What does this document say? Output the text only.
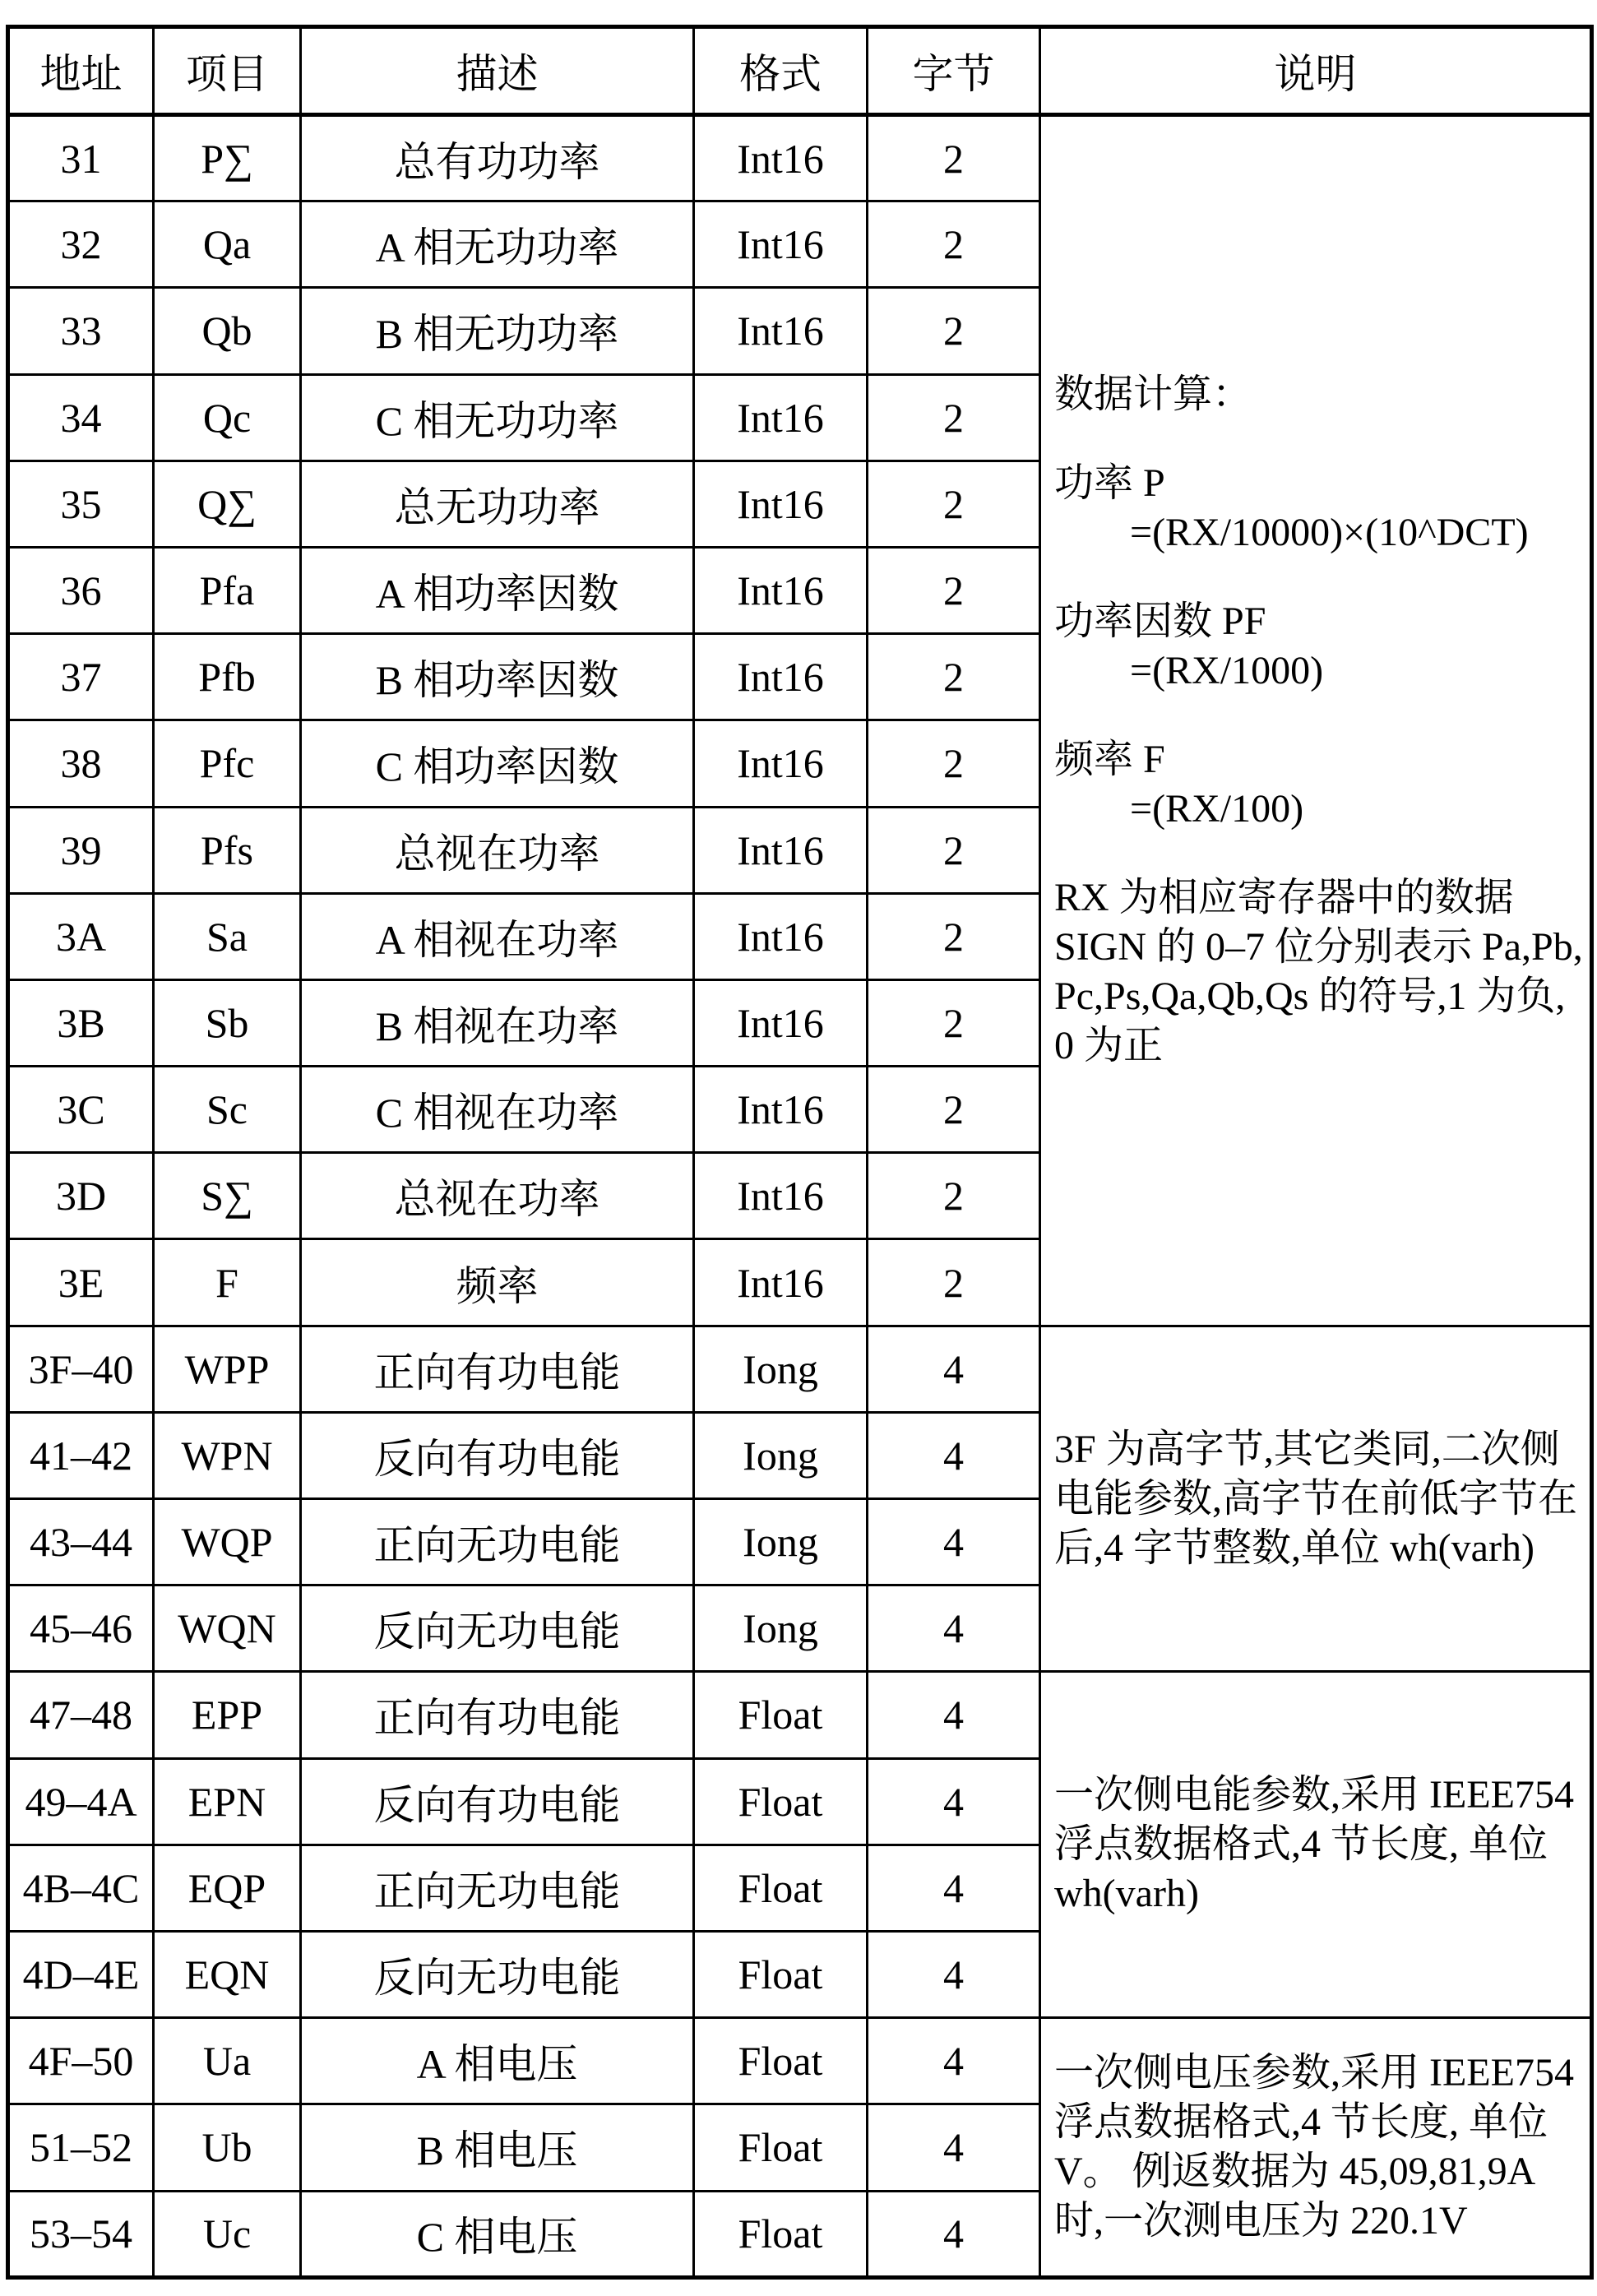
地址	项目	描述	格式	字节	说明
31	P∑	总有功功率	Int16	2	
数据计算：
功率 P
=(RX/10000)×(10^DCT)
功率因数 PF
=(RX/1000)
频率 F
=(RX/100)
RX 为相应寄存器中的数据
SIGN 的 0–7 位分别表示 Pa,Pb,
Pc,Ps,Qa,Qb,Qs 的符号,1 为负,
0 为正

32	Qa	A 相无功功率	Int16	2	
33	Qb	B 相无功功率	Int16	2	
34	Qc	C 相无功功率	Int16	2	
35	Q∑	总无功功率	Int16	2	
36	Pfa	A 相功率因数	Int16	2	
37	Pfb	B 相功率因数	Int16	2	
38	Pfc	C 相功率因数	Int16	2	
39	Pfs	总视在功率	Int16	2	
3A	Sa	A 相视在功率	Int16	2	
3B	Sb	B 相视在功率	Int16	2	
3C	Sc	C 相视在功率	Int16	2	
3D	S∑	总视在功率	Int16	2	
3E	F	频率	Int16	2	
3F–40	WPP	正向有功电能	Iong	4	3F 为高字节,其它类同,二次侧
电能参数,高字节在前低字节在
后,4 字节整数,单位 wh(varh)

41–42	WPN	反向有功电能	Iong	4	
43–44	WQP	正向无功电能	Iong	4	
45–46	WQN	反向无功电能	Iong	4	
47–48	EPP	正向有功电能	Float	4	一次侧电能参数,采用 IEEE754
浮点数据格式,4 节长度, 单位
wh(varh)

49–4A	EPN	反向有功电能	Float	4	
4B–4C	EQP	正向无功电能	Float	4	
4D–4E	EQN	反向无功电能	Float	4	
4F–50	Ua	A 相电压	Float	4	一次侧电压参数,采用 IEEE754
浮点数据格式,4 节长度, 单位
V。 例返数据为 45,09,81,9A
时,一次测电压为 220.1V

51–52	Ub	B 相电压	Float	4	
53–54	Uc	C 相电压	Float	4	
